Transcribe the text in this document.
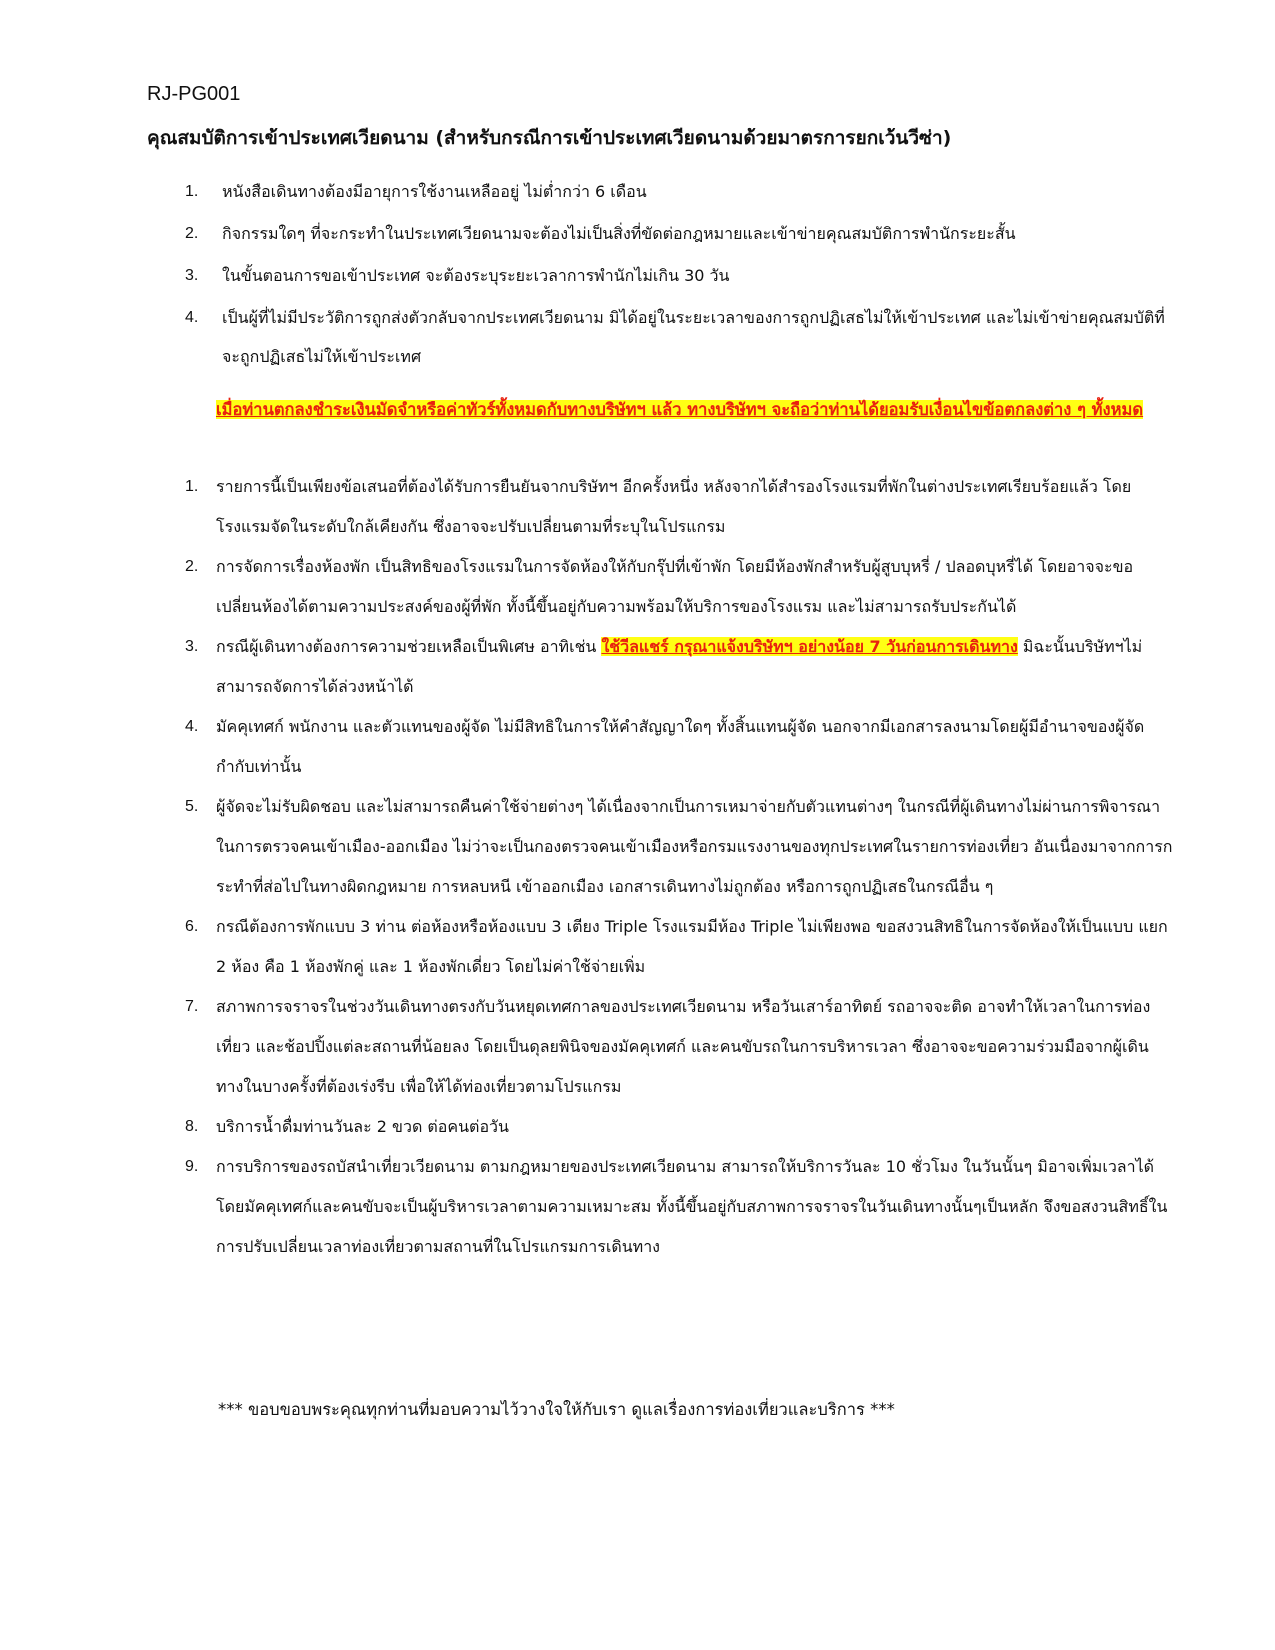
RJ-PG001
คุณสมบัติการเข้าประเทศเวียดนาม (สำหรับกรณีการเข้าประเทศเวียดนามด้วยมาตรการยกเว้นวีซ่า)
1. หนังสือเดินทางต้องมีอายุการใช้งานเหลืออยู่ ไม่ต่ำกว่า 6 เดือน
2. กิจกรรมใดๆ ที่จะกระทำในประเทศเวียดนามจะต้องไม่เป็นสิ่งที่ขัดต่อกฎหมายและเข้าข่ายคุณสมบัติการพำนักระยะสั้น
3. ในขั้นตอนการขอเข้าประเทศ จะต้องระบุระยะเวลาการพำนักไม่เกิน 30 วัน
4. เป็นผู้ที่ไม่มีประวัติการถูกส่งตัวกลับจากประเทศเวียดนาม มิได้อยู่ในระยะเวลาของการถูกปฏิเสธไม่ให้เข้าประเทศ และไม่เข้าข่ายคุณสมบัติที่จะถูกปฏิเสธไม่ให้เข้าประเทศ
เมื่อท่านตกลงชำระเงินมัดจำหรือค่าทัวร์ทั้งหมดกับทางบริษัทฯ แล้ว ทางบริษัทฯ จะถือว่าท่านได้ยอมรับเงื่อนไขข้อตกลงต่าง ๆ ทั้งหมด
1. รายการนี้เป็นเพียงข้อเสนอที่ต้องได้รับการยืนยันจากบริษัทฯ อีกครั้งหนึ่ง หลังจากได้สำรองโรงแรมที่พักในต่างประเทศเรียบร้อยแล้ว โดยโรงแรมจัดในระดับใกล้เคียงกัน ซึ่งอาจจะปรับเปลี่ยนตามที่ระบุในโปรแกรม
2. การจัดการเรื่องห้องพัก เป็นสิทธิของโรงแรมในการจัดห้องให้กับกรุ๊ปที่เข้าพัก โดยมีห้องพักสำหรับผู้สูบบุหรี่ / ปลอดบุหรี่ได้ โดยอาจจะขอเปลี่ยนห้องได้ตามความประสงค์ของผู้ที่พัก ทั้งนี้ขึ้นอยู่กับความพร้อมให้บริการของโรงแรม และไม่สามารถรับประกันได้
3. กรณีผู้เดินทางต้องการความช่วยเหลือเป็นพิเศษ อาทิเช่น ใช้วีลแชร์ กรุณาแจ้งบริษัทฯ อย่างน้อย 7 วันก่อนการเดินทาง มิฉะนั้นบริษัทฯไม่สามารถจัดการได้ล่วงหน้าได้
4. มัคคุเทศก์ พนักงาน และตัวแทนของผู้จัด ไม่มีสิทธิในการให้คำสัญญาใดๆ ทั้งสิ้นแทนผู้จัด นอกจากมีเอกสารลงนามโดยผู้มีอำนาจของผู้จัดกำกับเท่านั้น
5. ผู้จัดจะไม่รับผิดชอบ และไม่สามารถคืนค่าใช้จ่ายต่างๆ ได้เนื่องจากเป็นการเหมาจ่ายกับตัวแทนต่างๆ ในกรณีที่ผู้เดินทางไม่ผ่านการพิจารณาในการตรวจคนเข้าเมือง-ออกเมือง ไม่ว่าจะเป็นกองตรวจคนเข้าเมืองหรือกรมแรงงานของทุกประเทศในรายการท่องเที่ยว อันเนื่องมาจากการกระทำที่ส่อไปในทางผิดกฎหมาย การหลบหนี เข้าออกเมือง เอกสารเดินทางไม่ถูกต้อง หรือการถูกปฏิเสธในกรณีอื่น ๆ
6. กรณีต้องการพักแบบ 3 ท่าน ต่อห้องหรือห้องแบบ 3 เตียง Triple โรงแรมมีห้อง Triple ไม่เพียงพอ ขอสงวนสิทธิในการจัดห้องให้เป็นแบบ แยก 2 ห้อง คือ 1 ห้องพักคู่ และ 1 ห้องพักเดี่ยว โดยไม่ค่าใช้จ่ายเพิ่ม
7. สภาพการจราจรในช่วงวันเดินทางตรงกับวันหยุดเทศกาลของประเทศเวียดนาม หรือวันเสาร์อาทิตย์ รถอาจจะติด อาจทำให้เวลาในการท่องเที่ยว และช้อปปิ้งแต่ละสถานที่น้อยลง โดยเป็นดุลยพินิจของมัคคุเทศก์ และคนขับรถในการบริหารเวลา ซึ่งอาจจะขอความร่วมมือจากผู้เดินทางในบางครั้งที่ต้องเร่งรีบ เพื่อให้ได้ท่องเที่ยวตามโปรแกรม
8. บริการน้ำดื่มท่านวันละ 2 ขวด ต่อคนต่อวัน
9. การบริการของรถบัสนำเที่ยวเวียดนาม ตามกฎหมายของประเทศเวียดนาม สามารถให้บริการวันละ 10 ชั่วโมง ในวันนั้นๆ มิอาจเพิ่มเวลาได้ โดยมัคคุเทศก์และคนขับจะเป็นผู้บริหารเวลาตามความเหมาะสม ทั้งนี้ขึ้นอยู่กับสภาพการจราจรในวันเดินทางนั้นๆเป็นหลัก จึงขอสงวนสิทธิ์ในการปรับเปลี่ยนเวลาท่องเที่ยวตามสถานที่ในโปรแกรมการเดินทาง
*** ขอบขอบพระคุณทุกท่านที่มอบความไว้วางใจให้กับเรา ดูแลเรื่องการท่องเที่ยวและบริการ ***
